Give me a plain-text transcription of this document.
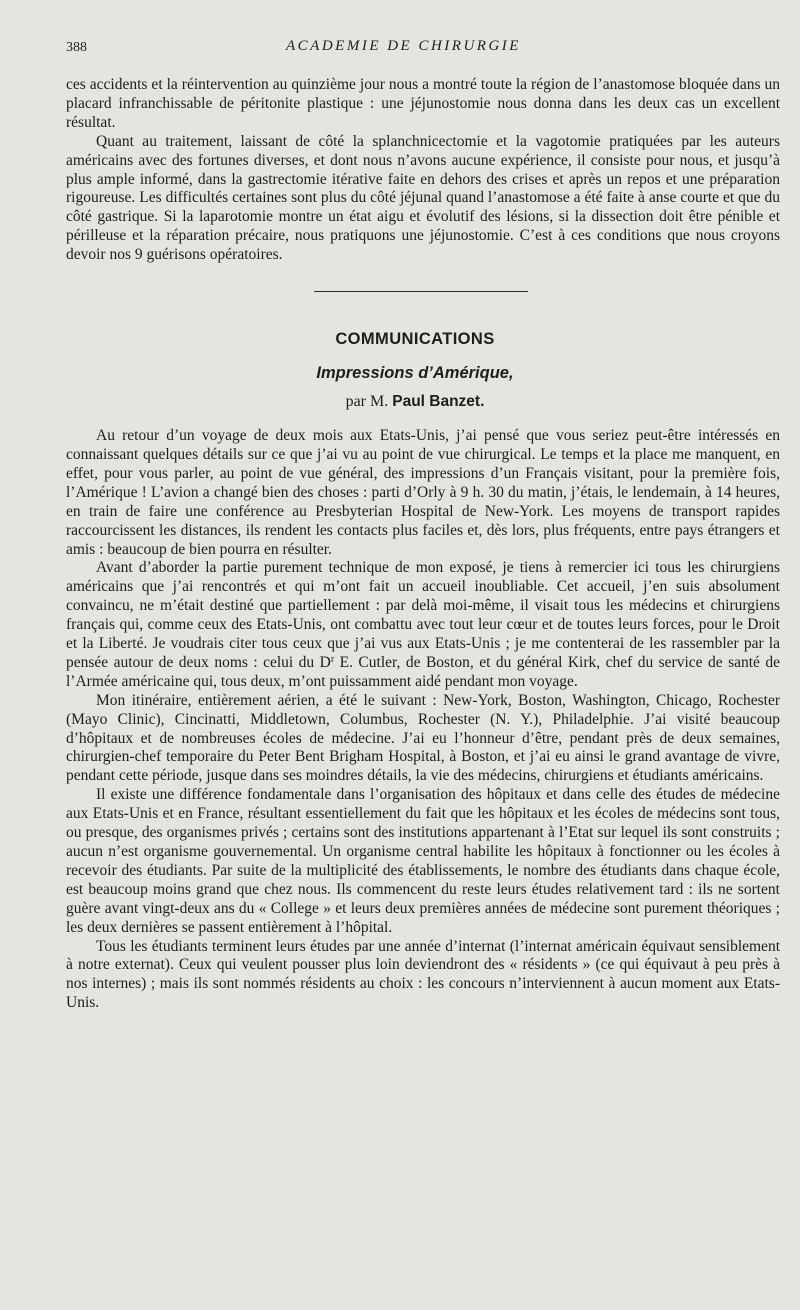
388	ACADEMIE DE CHIRURGIE

ces accidents et la réintervention au quinzième jour nous a montré toute la région de l’anastomose bloquée dans un placard infranchissable de péritonite plastique : une jéjunostomie nous donna dans les deux cas un excellent résultat.

Quant au traitement, laissant de côté la splanchnicectomie et la vagotomie pratiquées par les auteurs américains avec des fortunes diverses, et dont nous n’avons aucune expérience, il consiste pour nous, et jusqu’à plus ample informé, dans la gastrectomie itérative faite en dehors des crises et après un repos et une préparation rigoureuse. Les difficultés certaines sont plus du côté jéjunal quand l’anastomose a été faite à anse courte et que du côté gastrique. Si la laparotomie montre un état aigu et évolutif des lésions, si la dissection doit être pénible et périlleuse et la réparation précaire, nous pratiquons une jéjunostomie. C’est à ces conditions que nous croyons devoir nos 9 guérisons opératoires.

COMMUNICATIONS
Impressions d’Amérique,
par M. Paul Banzet.

Au retour d’un voyage de deux mois aux Etats-Unis, j’ai pensé que vous seriez peut-être intéressés en connaissant quelques détails sur ce que j’ai vu au point de vue chirurgical. Le temps et la place me manquent, en effet, pour vous parler, au point de vue général, des impressions d’un Français visitant, pour la première fois, l’Amérique ! L’avion a changé bien des choses : parti d’Orly à 9 h. 30 du matin, j’étais, le lendemain, à 14 heures, en train de faire une conférence au Presbyterian Hospital de New-York. Les moyens de transport rapides raccourcissent les distances, ils rendent les contacts plus faciles et, dès lors, plus fréquents, entre pays étrangers et amis : beaucoup de bien pourra en résulter.

Avant d’aborder la partie purement technique de mon exposé, je tiens à remercier ici tous les chirurgiens américains que j’ai rencontrés et qui m’ont fait un accueil inoubliable. Cet accueil, j’en suis absolument convaincu, ne m’était destiné que partiellement : par delà moi-même, il visait tous les médecins et chirurgiens français qui, comme ceux des Etats-Unis, ont combattu avec tout leur cœur et de toutes leurs forces, pour le Droit et la Liberté. Je voudrais citer tous ceux que j’ai vus aux Etats-Unis ; je me contenterai de les rassembler par la pensée autour de deux noms : celui du $D^r$ E. Cutler, de Boston, et du général Kirk, chef du service de santé de l’Armée américaine qui, tous deux, m’ont puissamment aidé pendant mon voyage.

Mon itinéraire, entièrement aérien, a été le suivant : New-York, Boston, Washington, Chicago, Rochester (Mayo Clinic), Cincinatti, Middletown, Columbus, Rochester (N. Y.), Philadelphie. J’ai visité beaucoup d’hôpitaux et de nombreuses écoles de médecine. J’ai eu l’honneur d’être, pendant près de deux semaines, chirurgien-chef temporaire du Peter Bent Brigham Hospital, à Boston, et j’ai eu ainsi le grand avantage de vivre, pendant cette période, jusque dans ses moindres détails, la vie des médecins, chirurgiens et étudiants américains.

Il existe une différence fondamentale dans l’organisation des hôpitaux et dans celle des études de médecine aux Etats-Unis et en France, résultant essentiellement du fait que les hôpitaux et les écoles de médecins sont tous, ou presque, des organismes privés ; certains sont des institutions appartenant à l’Etat sur lequel ils sont construits ; aucun n’est organisme gouvernemental. Un organisme central habilite les hôpitaux à fonctionner ou les écoles à recevoir des étudiants. Par suite de la multiplicité des établissements, le nombre des étudiants dans chaque école, est beaucoup moins grand que chez nous. Ils commencent du reste leurs études relativement tard : ils ne sortent guère avant vingt-deux ans du « College » et leurs deux premières années de médecine sont purement théoriques ; les deux dernières se passent entièrement à l’hôpital.

Tous les étudiants terminent leurs études par une année d’internat (l’internat américain équivaut sensiblement à notre externat). Ceux qui veulent pousser plus loin deviendront des « résidents » (ce qui équivaut à peu près à nos internes) ; mais ils sont nommés résidents au choix : les concours n’interviennent à aucun moment aux Etats-Unis.
